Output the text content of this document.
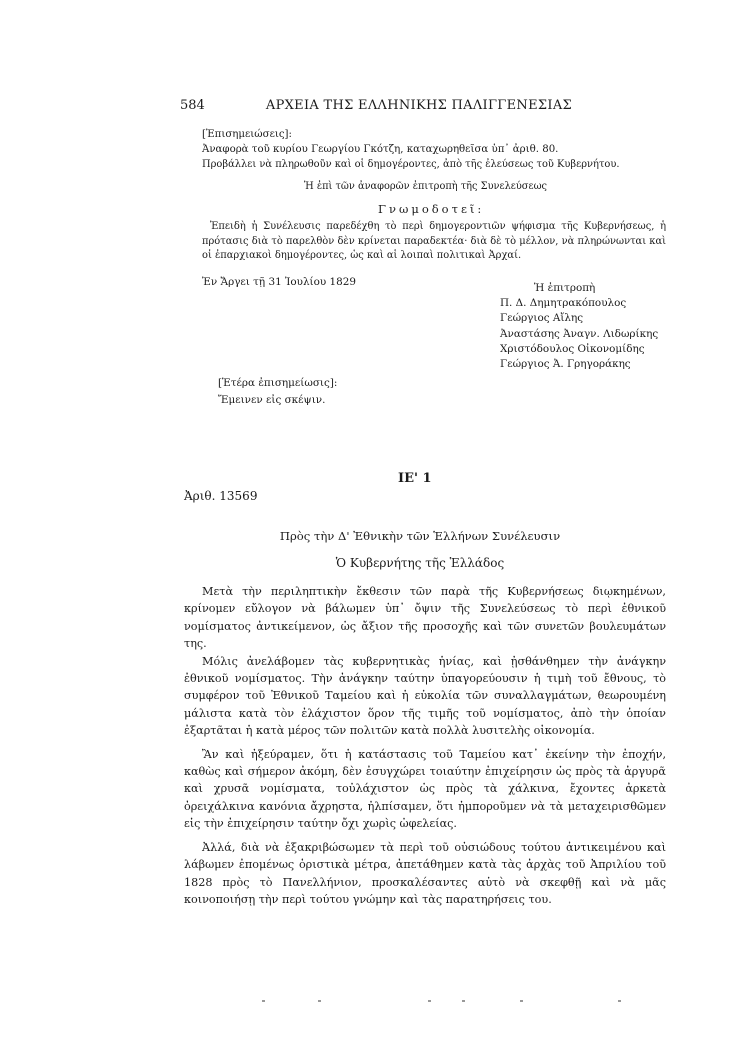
584	ΑΡΧΕΙΑ ΤΗΣ ΕΛΛΗΝΙΚΗΣ ΠΑΛΙΓΓΕΝΕΣΙΑΣ
[Ἐπισημειώσεις]:
Ἀναφορὰ τοῦ κυρίου Γεωργίου Γκότζη, καταχωρηθεῖσα ὑπ᾿ ἀριθ. 80.
Προβάλλει νὰ πληρωθοῦν καὶ οἱ δημογέροντες, ἀπὸ τῆς ἐλεύσεως τοῦ Κυβερνήτου.
Ἡ ἐπὶ τῶν ἀναφορῶν ἐπιτροπὴ τῆς Συνελεύσεως
Γνωμοδοτεῖ:
Ἐπειδὴ ἡ Συνέλευσις παρεδέχθη τὸ περὶ δημογεροντιῶν ψήφισμα τῆς Κυβερνήσεως, ἡ πρότασις διὰ τὸ παρελθὸν δὲν κρίνεται παραδεκτέα· διὰ δὲ τὸ μέλλον, νὰ πληρώνωνται καὶ οἱ ἐπαρχιακοὶ δημογέροντες, ὡς καὶ αἱ λοιπαὶ πολιτικαὶ Ἀρχαί.
Ἐν Ἄργει τῇ 31 Ἰουλίου 1829	Ἡ ἐπιτροπὴ
Π. Δ. Δημητρακόπουλος
Γεώργιος Αἴλης
Ἀναστάσης Ἀναγν. Λιδωρίκης
Χριστόδουλος Οἰκονομίδης
Γεώργιος Ἀ. Γρηγοράκης
[Ἑτέρα ἐπισημείωσις]:
Ἔμεινεν εἰς σκέψιν.
ΙΕ' 1
Ἀριθ. 13569
Πρὸς τὴν Δ' Ἐθνικὴν τῶν Ἑλλήνων Συνέλευσιν
Ὁ Κυβερνήτης τῆς Ἑλλάδος

Μετὰ τὴν περιληπτικὴν ἔκθεσιν τῶν παρὰ τῆς Κυβερνήσεως διῳκημένων, κρίνομεν εὔλογον νὰ βάλωμεν ὑπ᾿ ὄψιν τῆς Συνελεύσεως τὸ περὶ ἐθνικοῦ νομίσματος ἀντικείμενον, ὡς ἄξιον τῆς προσοχῆς καὶ τῶν συνετῶν βουλευμάτων της.

Μόλις ἀνελάβομεν τὰς κυβερνητικὰς ἡνίας, καὶ ᾐσθάνθημεν τὴν ἀνάγκην ἐθνικοῦ νομίσματος. Τὴν ἀνάγκην ταύτην ὑπαγορεύουσιν ἡ τιμὴ τοῦ ἔθνους, τὸ συμφέρον τοῦ Ἐθνικοῦ Ταμείου καὶ ἡ εὐκολία τῶν συναλλαγμάτων, θεωρουμένη μάλιστα κατὰ τὸν ἐλάχιστον ὅρον τῆς τιμῆς τοῦ νομίσματος, ἀπὸ τὴν ὁποίαν ἐξαρτᾶται ἡ κατὰ μέρος τῶν πολιτῶν κατὰ πολλὰ λυσιτελὴς οἰκονομία.

Ἂν καὶ ἠξεύραμεν, ὅτι ἡ κατάστασις τοῦ Ταμείου κατ᾿ ἐκείνην τὴν ἐποχήν, καθὼς καὶ σήμερον ἀκόμη, δὲν ἐσυγχώρει τοιαύτην ἐπιχείρησιν ὡς πρὸς τὰ ἀργυρᾶ καὶ χρυσᾶ νομίσματα, τοὐλάχιστον ὡς πρὸς τὰ χάλκινα, ἔχοντες ἀρκετὰ ὀρειχάλκινα κανόνια ἄχρηστα, ἠλπίσαμεν, ὅτι ἠμποροῦμεν νὰ τὰ μεταχειρισθῶμεν εἰς τὴν ἐπιχείρησιν ταύτην ὄχι χωρὶς ὠφελείας.

Ἀλλά, διὰ νὰ ἐξακριβώσωμεν τὰ περὶ τοῦ οὐσιώδους τούτου ἀντικειμένου καὶ λάβωμεν ἐπομένως ὁριστικὰ μέτρα, ἀπετάθημεν κατὰ τὰς ἀρχὰς τοῦ Ἀπριλίου τοῦ 1828 πρὸς τὸ Πανελλήνιον, προσκαλέσαντες αὐτὸ νὰ σκεφθῇ καὶ νὰ μᾶς κοινοποιήσῃ τὴν περὶ τούτου γνώμην καὶ τὰς παρατηρήσεις του.
